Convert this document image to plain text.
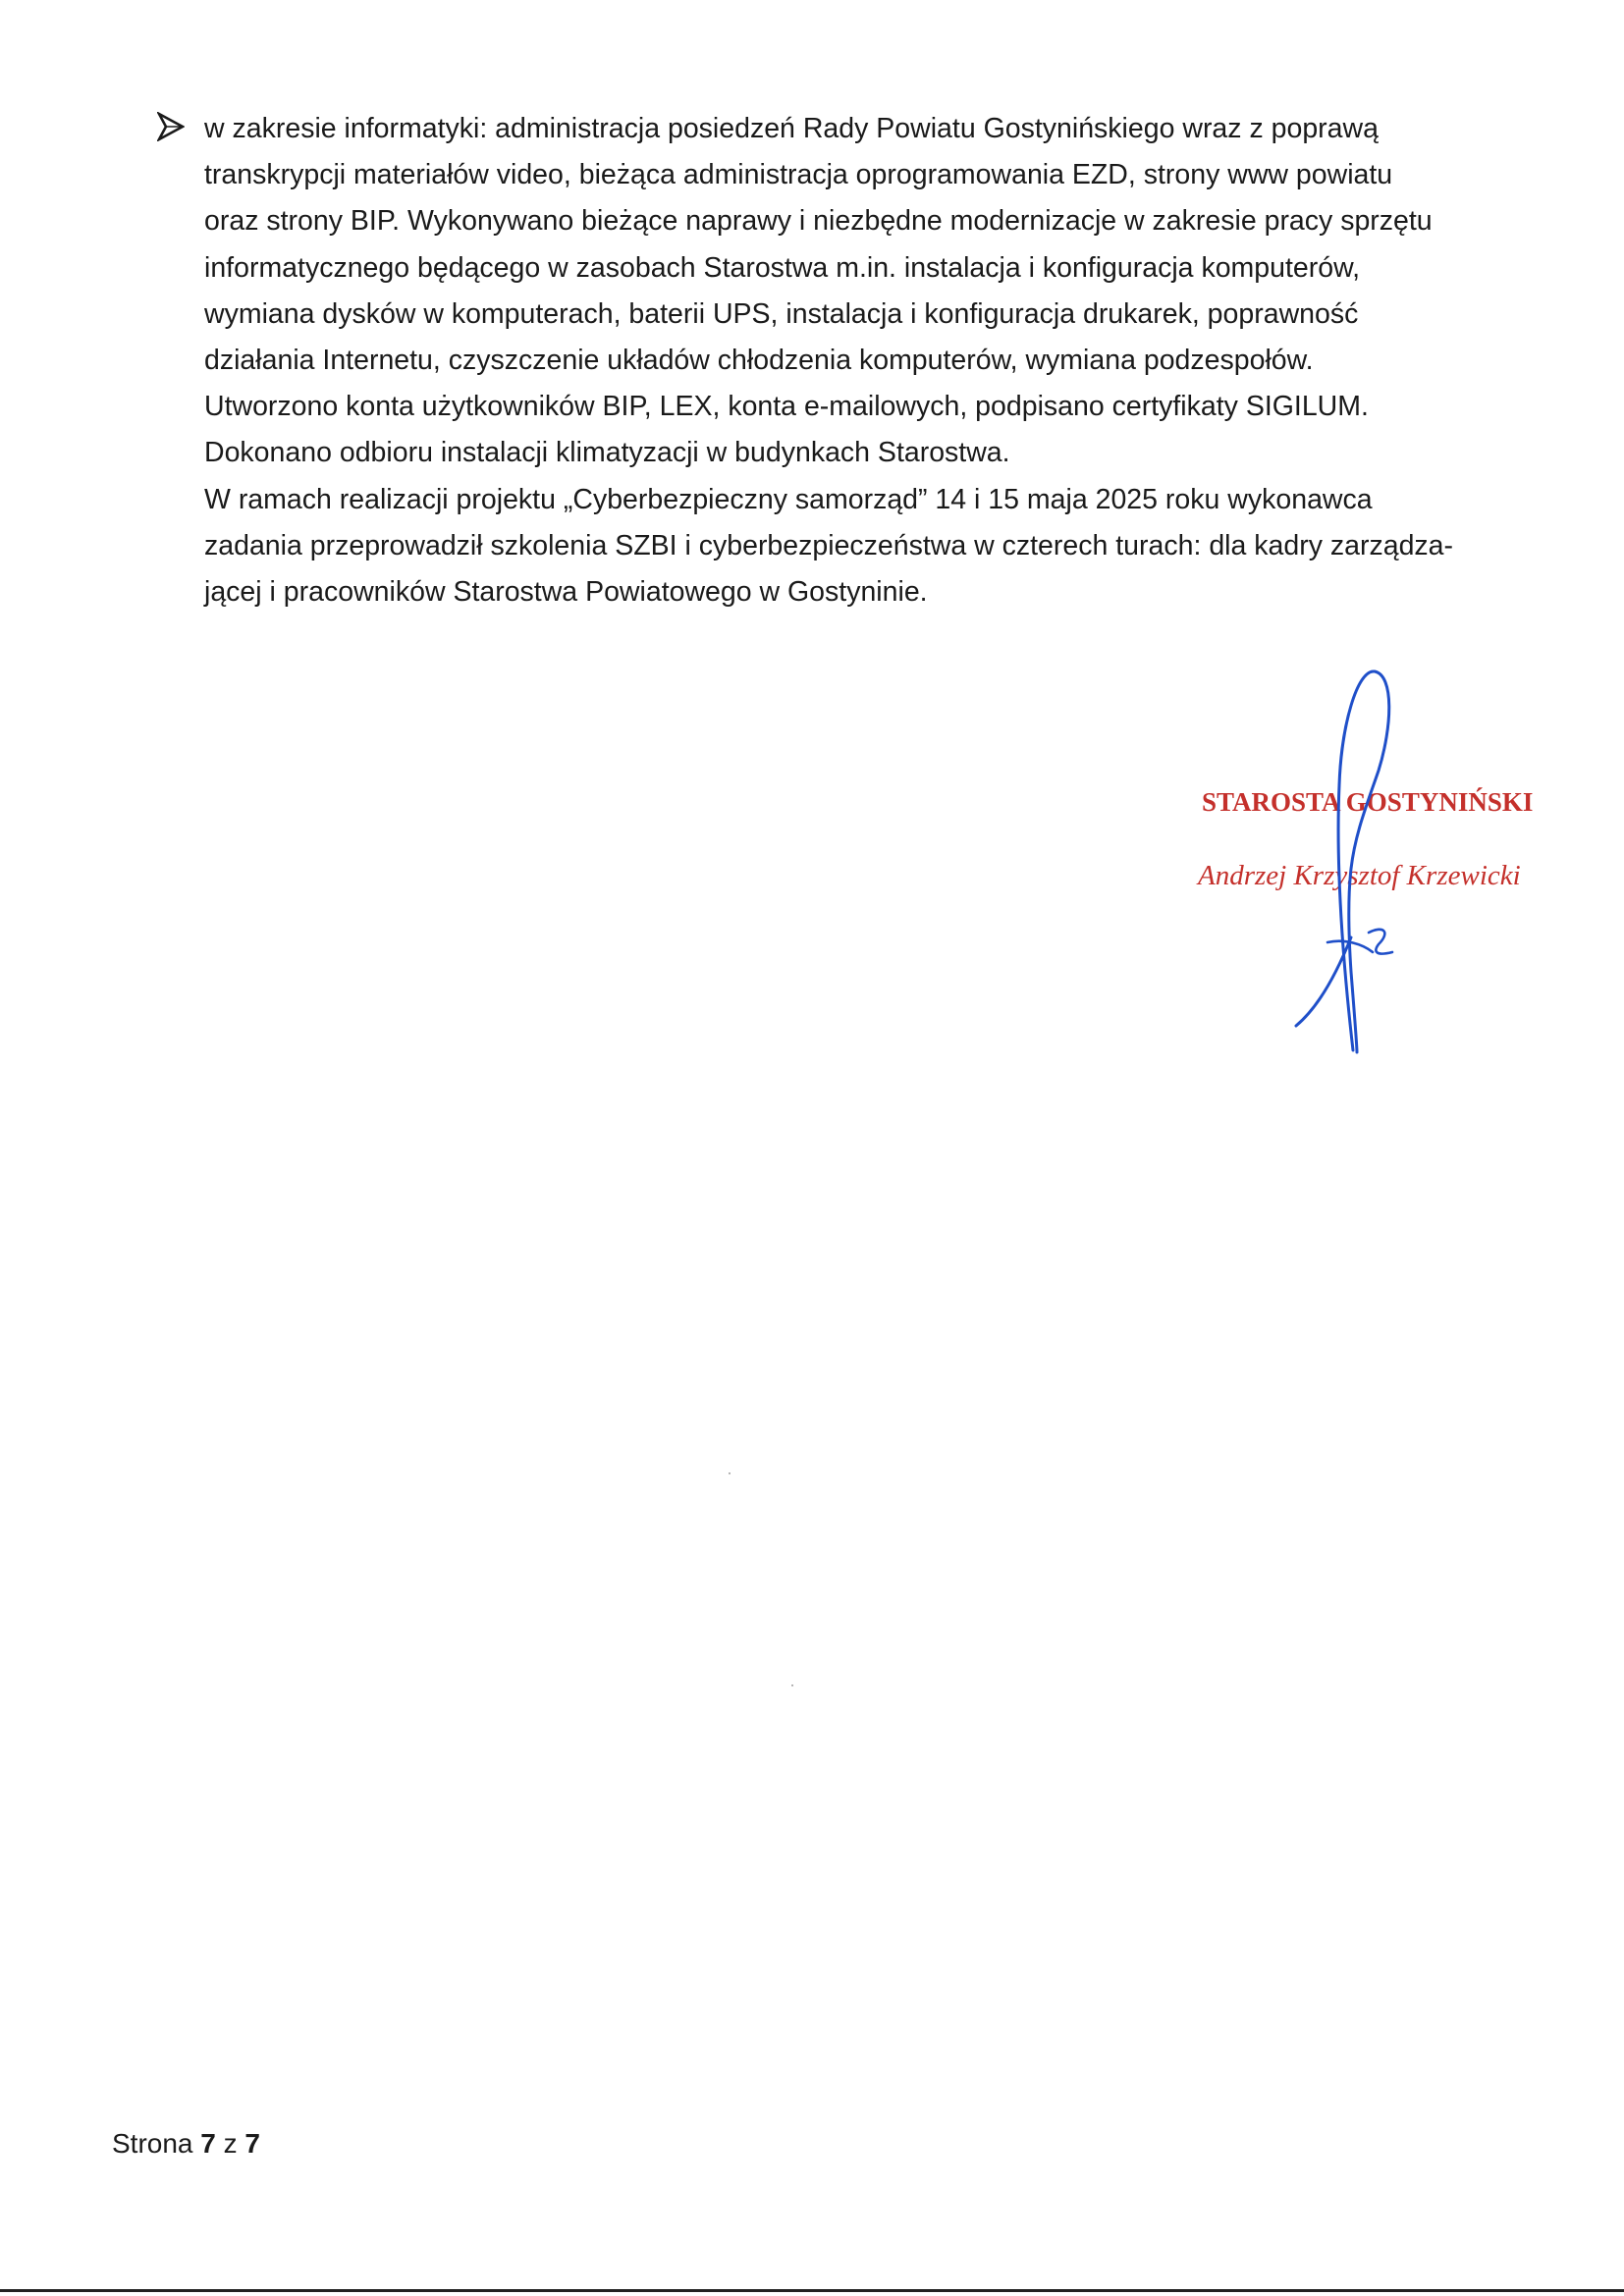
w zakresie informatyki: administracja posiedzeń Rady Powiatu Gostynińskiego wraz z poprawą

transkrypcji materiałów video, bieżąca administracja oprogramowania EZD, strony www powiatu

oraz strony BIP. Wykonywano bieżące naprawy i niezbędne modernizacje w zakresie pracy sprzętu

informatycznego będącego w zasobach Starostwa m.in. instalacja i konfiguracja komputerów,

wymiana dysków w komputerach, baterii UPS, instalacja i konfiguracja drukarek, poprawność

działania Internetu, czyszczenie układów chłodzenia komputerów, wymiana podzespołów.

Utworzono konta użytkowników BIP, LEX, konta e-mailowych, podpisano certyfikaty SIGILUM.

Dokonano odbioru instalacji klimatyzacji w budynkach Starostwa.

W ramach realizacji projektu „Cyberbezpieczny samorząd” 14 i 15 maja 2025 roku wykonawca

zadania przeprowadził szkolenia SZBI i cyberbezpieczeństwa w czterech turach: dla kadry zarządza-

jącej i pracowników Starostwa Powiatowego w Gostyninie.

STAROSTA GOSTYNIŃSKI
Andrzej Krzysztof Krzewicki
Strona 7 z 7
